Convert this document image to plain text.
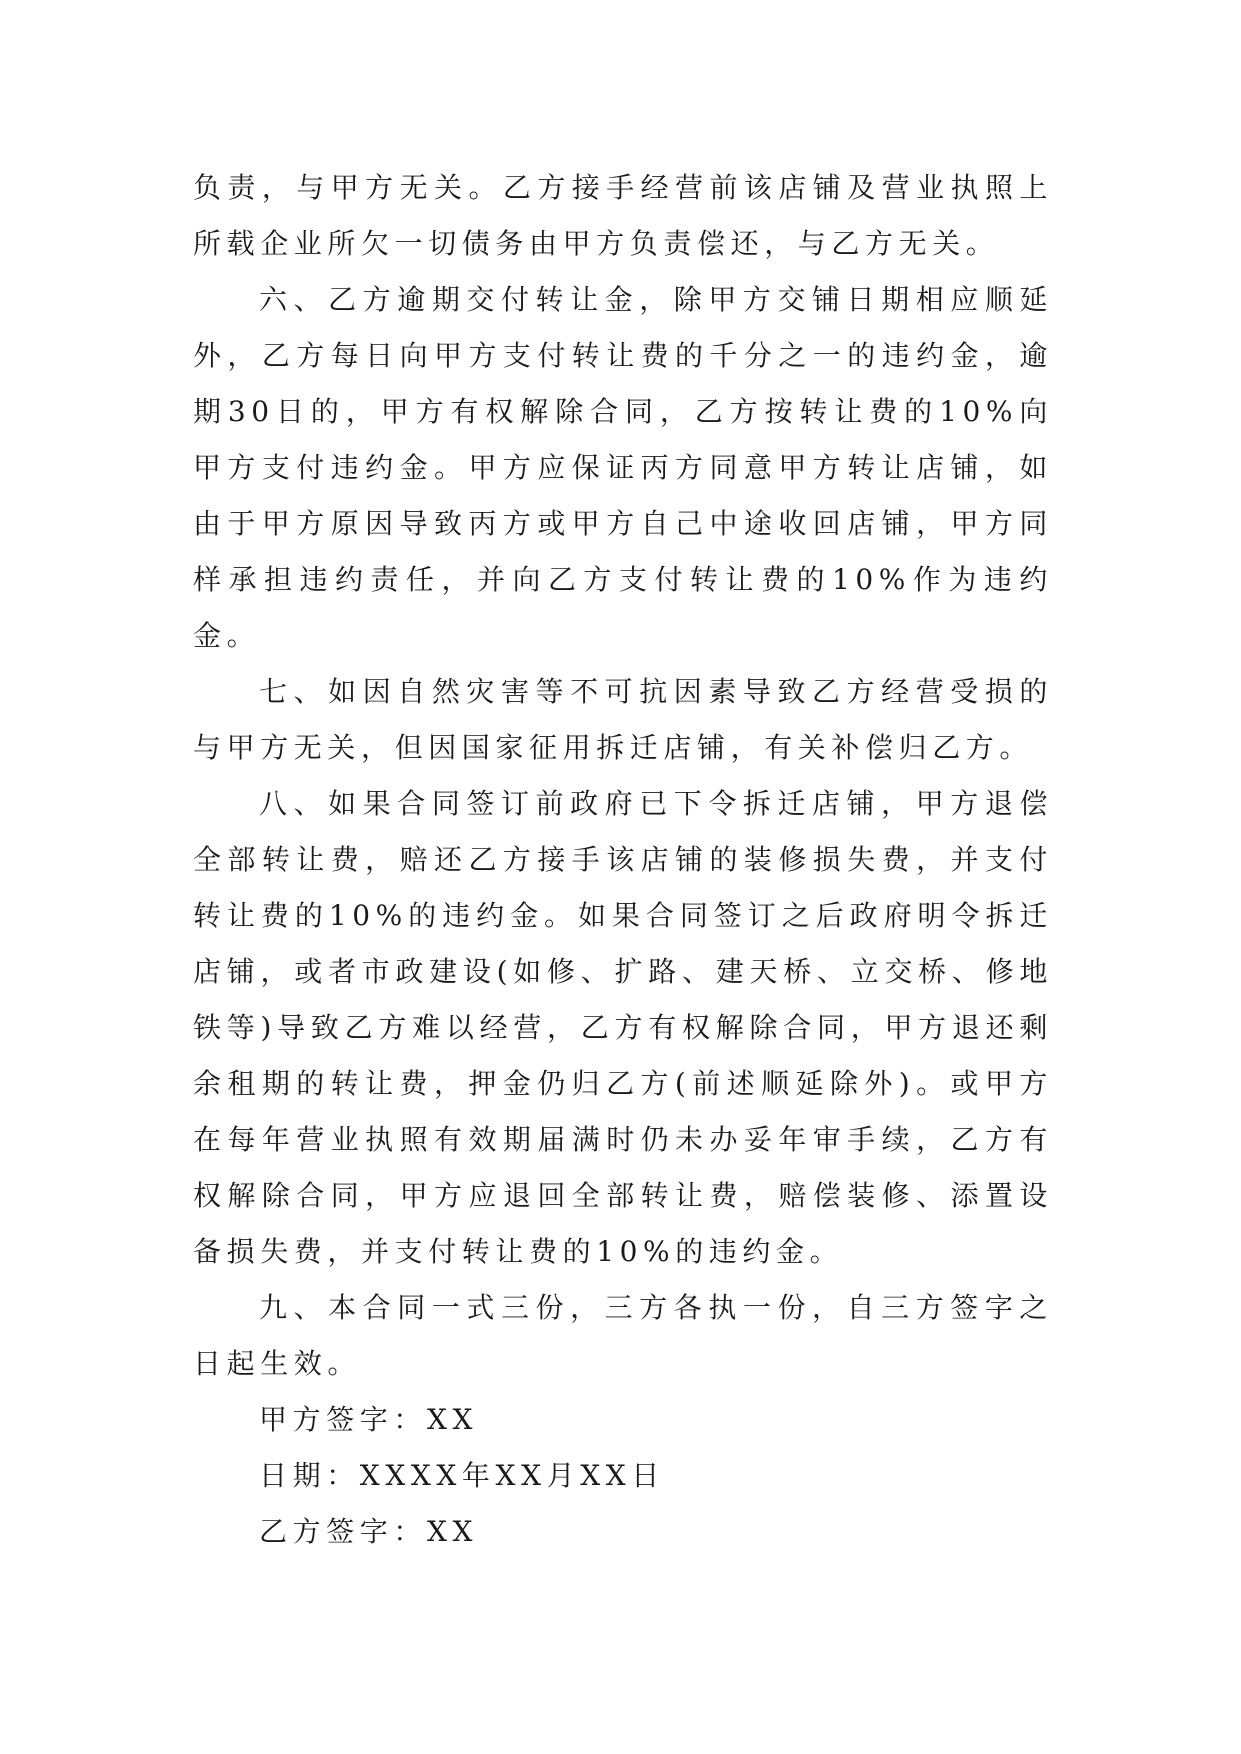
负责，与甲方无关。乙方接手经营前该店铺及营业执照上所载企业所欠一切债务由甲方负责偿还，与乙方无关。

六、乙方逾期交付转让金，除甲方交铺日期相应顺延外，乙方每日向甲方支付转让费的千分之一的违约金，逾期30日的，甲方有权解除合同，乙方按转让费的10%向甲方支付违约金。甲方应保证丙方同意甲方转让店铺，如由于甲方原因导致丙方或甲方自己中途收回店铺，甲方同样承担违约责任，并向乙方支付转让费的10%作为违约金。

七、如因自然灾害等不可抗因素导致乙方经营受损的与甲方无关，但因国家征用拆迁店铺，有关补偿归乙方。

八、如果合同签订前政府已下令拆迁店铺，甲方退偿全部转让费，赔还乙方接手该店铺的装修损失费，并支付转让费的10%的违约金。如果合同签订之后政府明令拆迁店铺，或者市政建设(如修、扩路、建天桥、立交桥、修地铁等)导致乙方难以经营，乙方有权解除合同，甲方退还剩余租期的转让费，押金仍归乙方(前述顺延除外)。或甲方在每年营业执照有效期届满时仍未办妥年审手续，乙方有权解除合同，甲方应退回全部转让费，赔偿装修、添置设备损失费，并支付转让费的10%的违约金。

九、本合同一式三份，三方各执一份，自三方签字之日起生效。

甲方签字：XX

日期：XXXX年XX月XX日

乙方签字：XX
